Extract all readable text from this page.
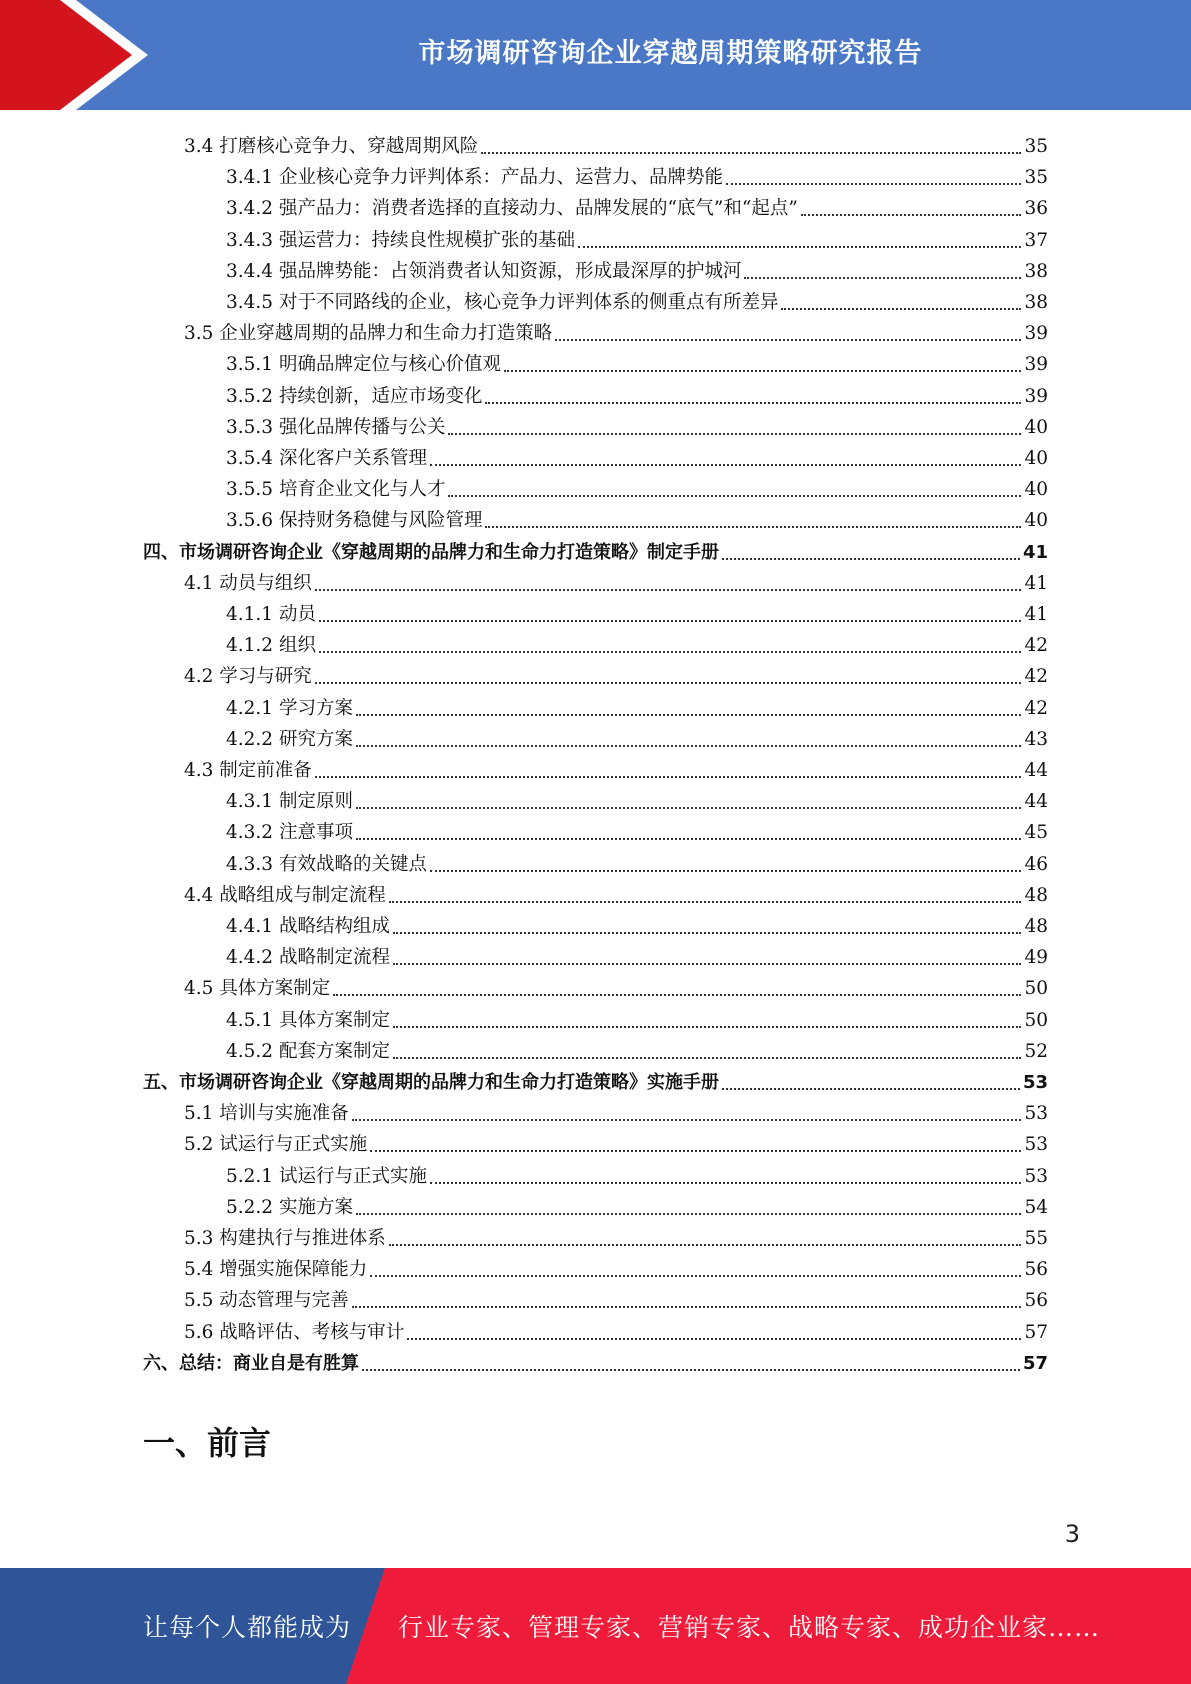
市场调研咨询企业穿越周期策略研究报告
3.4 打磨核心竞争力、穿越周期风险	35
3.4.1 企业核心竞争力评判体系：产品力、运营力、品牌势能	35
3.4.2 强产品力：消费者选择的直接动力、品牌发展的“底气”和“起点”	36
3.4.3 强运营力：持续良性规模扩张的基础	37
3.4.4 强品牌势能：占领消费者认知资源，形成最深厚的护城河	38
3.4.5 对于不同路线的企业，核心竞争力评判体系的侧重点有所差异	38
3.5 企业穿越周期的品牌力和生命力打造策略	39
3.5.1 明确品牌定位与核心价值观	39
3.5.2 持续创新，适应市场变化	39
3.5.3 强化品牌传播与公关	40
3.5.4 深化客户关系管理	40
3.5.5 培育企业文化与人才	40
3.5.6 保持财务稳健与风险管理	40
四、市场调研咨询企业《穿越周期的品牌力和生命力打造策略》制定手册	41
4.1 动员与组织	41
4.1.1 动员	41
4.1.2 组织	42
4.2 学习与研究	42
4.2.1 学习方案	42
4.2.2 研究方案	43
4.3 制定前准备	44
4.3.1 制定原则	44
4.3.2 注意事项	45
4.3.3 有效战略的关键点	46
4.4 战略组成与制定流程	48
4.4.1 战略结构组成	48
4.4.2 战略制定流程	49
4.5 具体方案制定	50
4.5.1 具体方案制定	50
4.5.2 配套方案制定	52
五、市场调研咨询企业《穿越周期的品牌力和生命力打造策略》实施手册	53
5.1 培训与实施准备	53
5.2 试运行与正式实施	53
5.2.1 试运行与正式实施	53
5.2.2 实施方案	54
5.3 构建执行与推进体系	55
5.4 增强实施保障能力	56
5.5 动态管理与完善	56
5.6 战略评估、考核与审计	57
六、总结：商业自是有胜算	57
一、前言
3
让每个人都能成为 行业专家、管理专家、营销专家、战略专家、成功企业家……
